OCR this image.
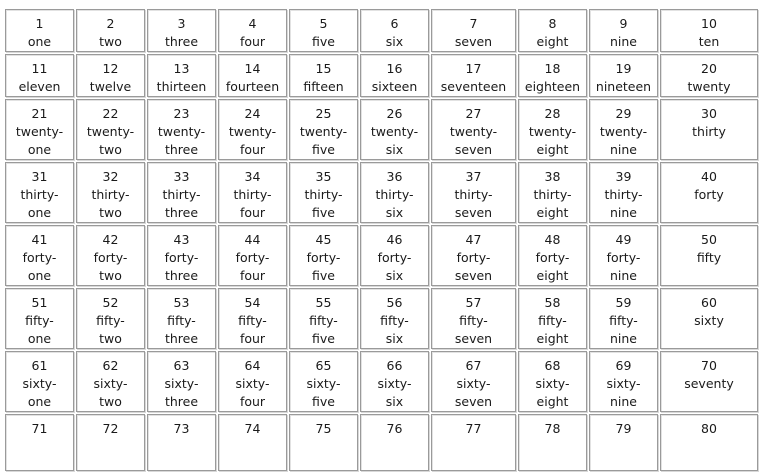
1
one	2
two	3
three	4
four	5
five	6
six	7
seven	8
eight	9
nine	10
ten

11
eleven	12
twelve	13
thirteen	14
fourteen	15
fifteen	16
sixteen	17
seventeen	18
eighteen	19
nineteen	20
twenty

21
twenty-
one	22
twenty-
two	23
twenty-
three	24
twenty-
four	25
twenty-
five	26
twenty-
six	27
twenty-
seven	28
twenty-
eight	29
twenty-
nine	30
thirty

31
thirty-
one	32
thirty-
two	33
thirty-
three	34
thirty-
four	35
thirty-
five	36
thirty-
six	37
thirty-
seven	38
thirty-
eight	39
thirty-
nine	40
forty

41
forty-
one	42
forty-
two	43
forty-
three	44
forty-
four	45
forty-
five	46
forty-
six	47
forty-
seven	48
forty-
eight	49
forty-
nine	50
fifty

51
fifty-
one	52
fifty-
two	53
fifty-
three	54
fifty-
four	55
fifty-
five	56
fifty-
six	57
fifty-
seven	58
fifty-
eight	59
fifty-
nine	60
sixty

61
sixty-
one	62
sixty-
two	63
sixty-
three	64
sixty-
four	65
sixty-
five	66
sixty-
six	67
sixty-
seven	68
sixty-
eight	69
sixty-
nine	70
seventy

71	72	73	74	75	76	77	78	79	80
